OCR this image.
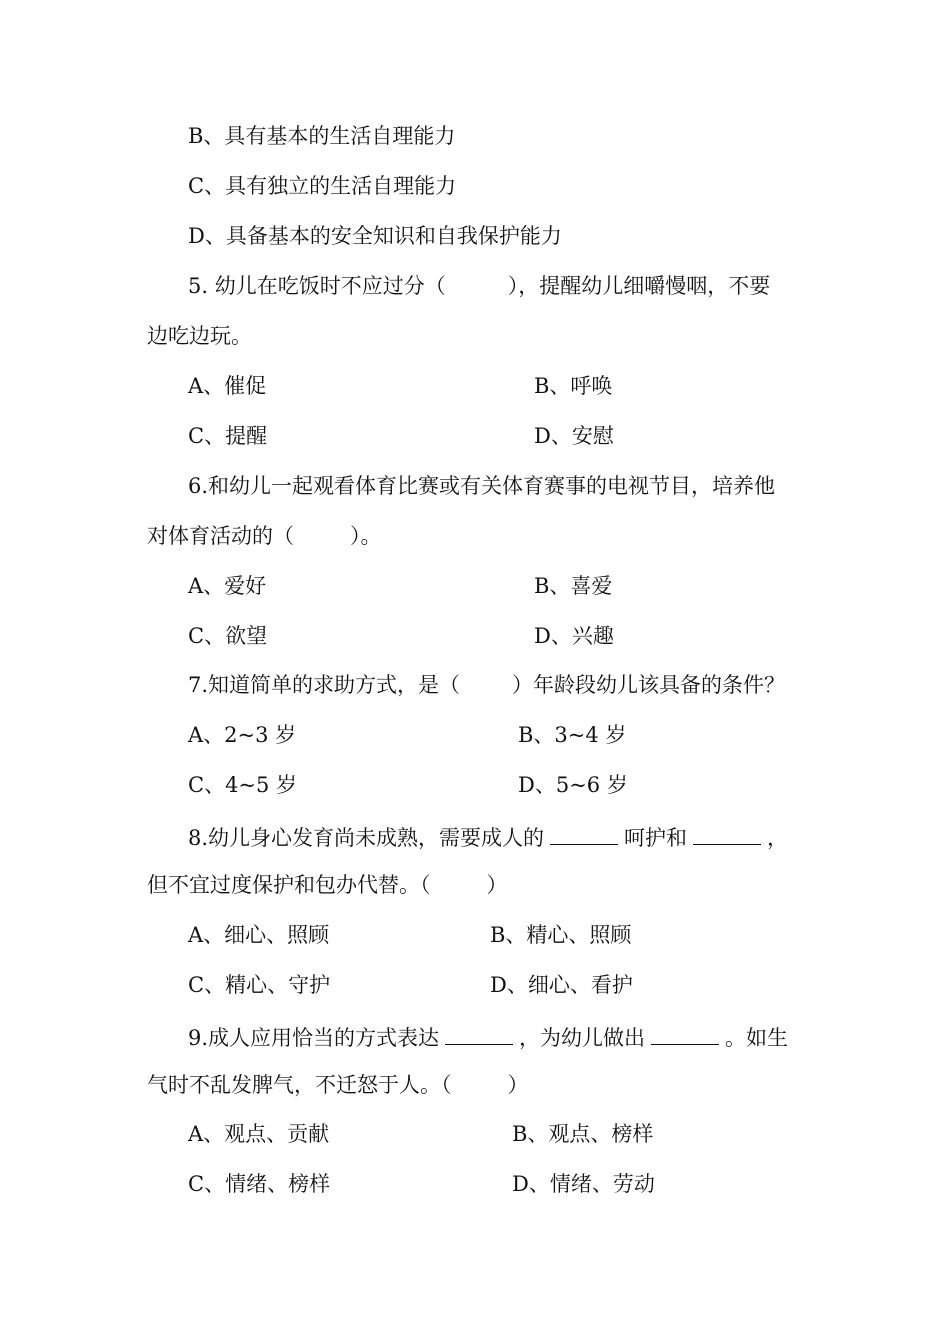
B、具有基本的生活自理能力
C、具有独立的生活自理能力
D、具备基本的安全知识和自我保护能力
5. 幼儿在吃饭时不应过分（	），提醒幼儿细嚼慢咽，不要
边吃边玩。
A、催促	B、呼唤
C、提醒	D、安慰
6.和幼儿一起观看体育比赛或有关体育赛事的电视节目，培养他
对体育活动的（	）。
A、爱好	B、喜爱
C、欲望	D、兴趣
7.知道简单的求助方式，是（ ）年龄段幼儿该具备的条件？
A、2~3 岁	B、3~4 岁
C、4~5 岁	D、5~6 岁
8.幼儿身心发育尚未成熟，需要成人的	呵护和	，
但不宜过度保护和包办代替。（	）
A、细心、照顾	B、精心、照顾
C、精心、守护	D、细心、看护
9.成人应用恰当的方式表达	，为幼儿做出	。如生
气时不乱发脾气，不迁怒于人。（	）
A、观点、贡献	B、观点、榜样
C、情绪、榜样	D、情绪、劳动
